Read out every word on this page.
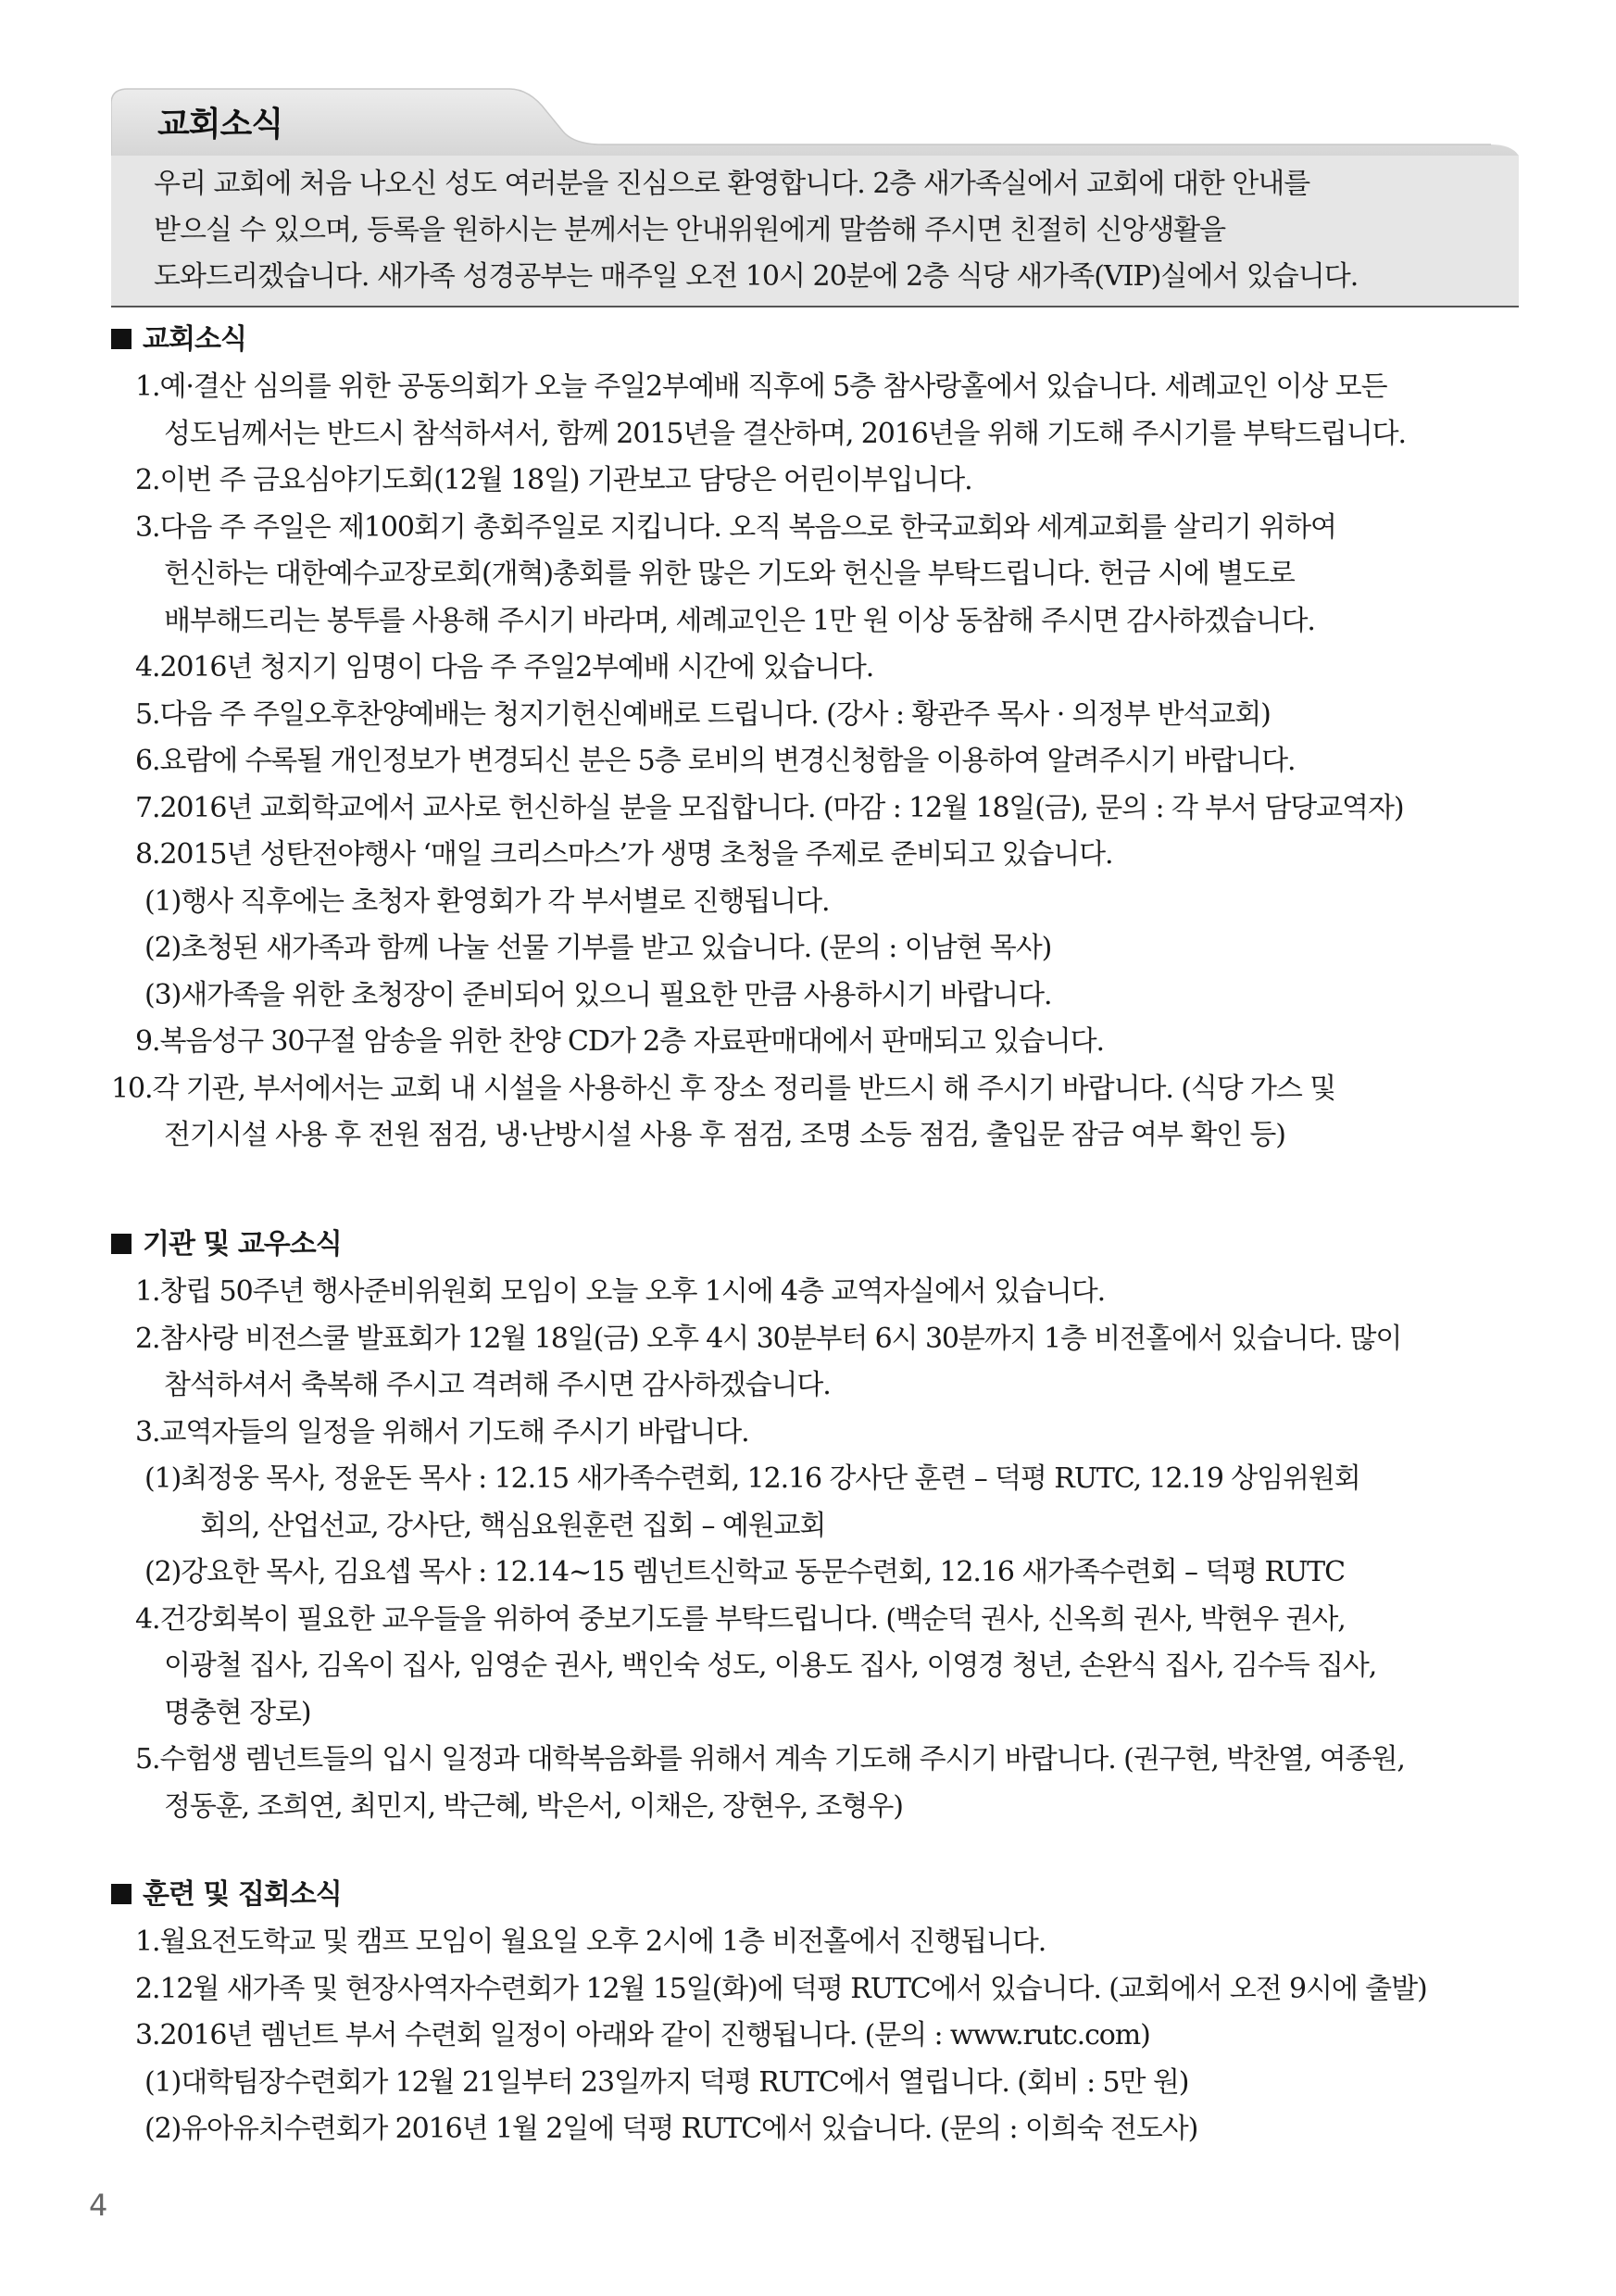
교회소식
우리 교회에 처음 나오신 성도 여러분을 진심으로 환영합니다. 2층 새가족실에서 교회에 대한 안내를
받으실 수 있으며, 등록을 원하시는 분께서는 안내위원에게 말씀해 주시면 친절히 신앙생활을
도와드리겠습니다. 새가족 성경공부는 매주일 오전 10시 20분에 2층 식당 새가족(VIP)실에서 있습니다.
교회소식
1.예·결산 심의를 위한 공동의회가 오늘 주일2부예배 직후에 5층 참사랑홀에서 있습니다. 세례교인 이상 모든
성도님께서는 반드시 참석하셔서, 함께 2015년을 결산하며, 2016년을 위해 기도해 주시기를 부탁드립니다.
2.이번 주 금요심야기도회(12월 18일) 기관보고 담당은 어린이부입니다.
3.다음 주 주일은 제100회기 총회주일로 지킵니다. 오직 복음으로 한국교회와 세계교회를 살리기 위하여
헌신하는 대한예수교장로회(개혁)총회를 위한 많은 기도와 헌신을 부탁드립니다. 헌금 시에 별도로
배부해드리는 봉투를 사용해 주시기 바라며, 세례교인은 1만 원 이상 동참해 주시면 감사하겠습니다.
4.2016년 청지기 임명이 다음 주 주일2부예배 시간에 있습니다.
5.다음 주 주일오후찬양예배는 청지기헌신예배로 드립니다. (강사 : 황관주 목사 · 의정부 반석교회)
6.요람에 수록될 개인정보가 변경되신 분은 5층 로비의 변경신청함을 이용하여 알려주시기 바랍니다.
7.2016년 교회학교에서 교사로 헌신하실 분을 모집합니다. (마감 : 12월 18일(금), 문의 : 각 부서 담당교역자)
8.2015년 성탄전야행사 ‘매일 크리스마스’가 생명 초청을 주제로 준비되고 있습니다.
(1)행사 직후에는 초청자 환영회가 각 부서별로 진행됩니다.
(2)초청된 새가족과 함께 나눌 선물 기부를 받고 있습니다. (문의 : 이남현 목사)
(3)새가족을 위한 초청장이 준비되어 있으니 필요한 만큼 사용하시기 바랍니다.
9.복음성구 30구절 암송을 위한 찬양 CD가 2층 자료판매대에서 판매되고 있습니다.
10.각 기관, 부서에서는 교회 내 시설을 사용하신 후 장소 정리를 반드시 해 주시기 바랍니다. (식당 가스 및
전기시설 사용 후 전원 점검, 냉·난방시설 사용 후 점검, 조명 소등 점검, 출입문 잠금 여부 확인 등)
기관 및 교우소식
1.창립 50주년 행사준비위원회 모임이 오늘 오후 1시에 4층 교역자실에서 있습니다.
2.참사랑 비전스쿨 발표회가 12월 18일(금) 오후 4시 30분부터 6시 30분까지 1층 비전홀에서 있습니다. 많이
참석하셔서 축복해 주시고 격려해 주시면 감사하겠습니다.
3.교역자들의 일정을 위해서 기도해 주시기 바랍니다.
(1)최정웅 목사, 정윤돈 목사 : 12.15 새가족수련회, 12.16 강사단 훈련 – 덕평 RUTC, 12.19 상임위원회
회의, 산업선교, 강사단, 핵심요원훈련 집회 – 예원교회
(2)강요한 목사, 김요셉 목사 : 12.14~15 렘넌트신학교 동문수련회, 12.16 새가족수련회 – 덕평 RUTC
4.건강회복이 필요한 교우들을 위하여 중보기도를 부탁드립니다. (백순덕 권사, 신옥희 권사, 박현우 권사,
이광철 집사, 김옥이 집사, 임영순 권사, 백인숙 성도, 이용도 집사, 이영경 청년, 손완식 집사, 김수득 집사,
명충현 장로)
5.수험생 렘넌트들의 입시 일정과 대학복음화를 위해서 계속 기도해 주시기 바랍니다. (권구현, 박찬열, 여종원,
정동훈, 조희연, 최민지, 박근혜, 박은서, 이채은, 장현우, 조형우)
훈련 및 집회소식
1.월요전도학교 및 캠프 모임이 월요일 오후 2시에 1층 비전홀에서 진행됩니다.
2.12월 새가족 및 현장사역자수련회가 12월 15일(화)에 덕평 RUTC에서 있습니다. (교회에서 오전 9시에 출발)
3.2016년 렘넌트 부서 수련회 일정이 아래와 같이 진행됩니다. (문의 : www.rutc.com)
(1)대학팀장수련회가 12월 21일부터 23일까지 덕평 RUTC에서 열립니다. (회비 : 5만 원)
(2)유아유치수련회가 2016년 1월 2일에 덕평 RUTC에서 있습니다. (문의 : 이희숙 전도사)
4
